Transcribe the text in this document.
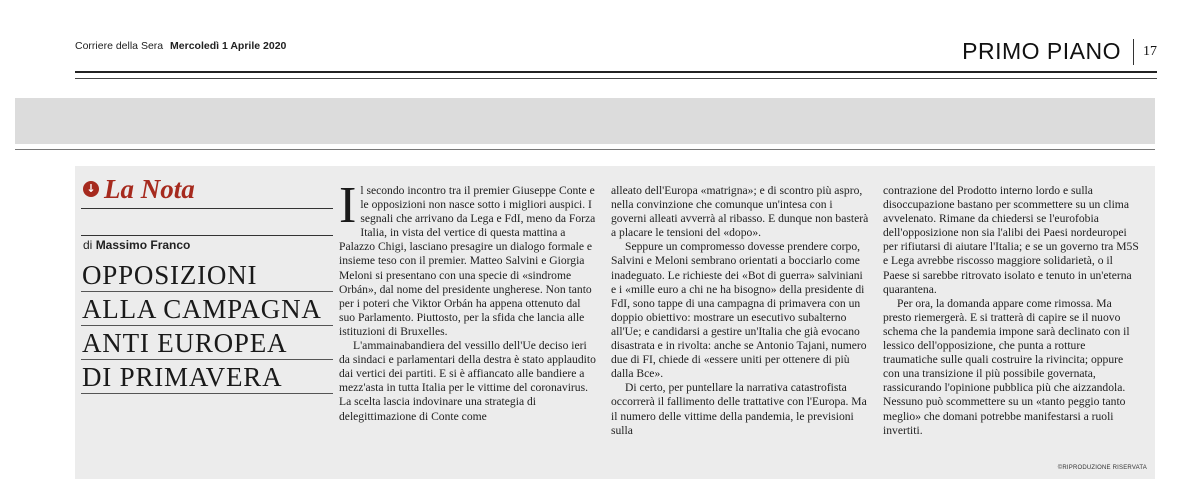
Corriere della Sera Mercoledì 1 Aprile 2020	PRIMO PIANO 17
↓ La Nota
di Massimo Franco
OPPOSIZIONI
ALLA CAMPAGNA
ANTI EUROPEA
DI PRIMAVERA
I l secondo incontro tra il premier Giuseppe Conte e le opposizioni non nasce sotto i migliori auspici. I segnali che arrivano da Lega e FdI, meno da Forza Italia, in vista del vertice di questa mattina a Palazzo Chigi, lasciano presagire un dialogo formale e insieme teso con il premier. Matteo Salvini e Giorgia Meloni si presentano con una specie di «sindrome Orbán», dal nome del presidente ungherese. Non tanto per i poteri che Viktor Orbán ha appena ottenuto dal suo Parlamento. Piuttosto, per la sfida che lancia alle istituzioni di Bruxelles.

L'ammainabandiera del vessillo dell'Ue deciso ieri da sindaci e parlamentari della destra è stato applaudito dai vertici dei partiti. E si è affiancato alle bandiere a mezz'asta in tutta Italia per le vittime del coronavirus. La scelta lascia indovinare una strategia di delegittimazione di Conte come

alleato dell'Europa «matrigna»; e di scontro più aspro, nella convinzione che comunque un'intesa con i governi alleati avverrà al ribasso. E dunque non basterà a placare le tensioni del «dopo».

Seppure un compromesso dovesse prendere corpo, Salvini e Meloni sembrano orientati a bocciarlo come inadeguato. Le richieste dei «Bot di guerra» salviniani e i «mille euro a chi ne ha bisogno» della presidente di FdI, sono tappe di una campagna di primavera con un doppio obiettivo: mostrare un esecutivo subalterno all'Ue; e candidarsi a gestire un'Italia che già evocano disastrata e in rivolta: anche se Antonio Tajani, numero due di FI, chiede di «essere uniti per ottenere di più dalla Bce».

Di certo, per puntellare la narrativa catastrofista occorrerà il fallimento delle trattative con l'Europa. Ma il numero delle vittime della pandemia, le previsioni sulla

contrazione del Prodotto interno lordo e sulla disoccupazione bastano per scommettere su un clima avvelenato. Rimane da chiedersi se l'eurofobia dell'opposizione non sia l'alibi dei Paesi nordeuropei per rifiutarsi di aiutare l'Italia; e se un governo tra M5S e Lega avrebbe riscosso maggiore solidarietà, o il Paese si sarebbe ritrovato isolato e tenuto in un'eterna quarantena.

Per ora, la domanda appare come rimossa. Ma presto riemergerà. E si tratterà di capire se il nuovo schema che la pandemia impone sarà declinato con il lessico dell'opposizione, che punta a rotture traumatiche sulle quali costruire la rivincita; oppure con una transizione il più possibile governata, rassicurando l'opinione pubblica più che aizzandola. Nessuno può scommettere su un «tanto peggio tanto meglio» che domani potrebbe manifestarsi a ruoli invertiti.

©RIPRODUZIONE RISERVATA
